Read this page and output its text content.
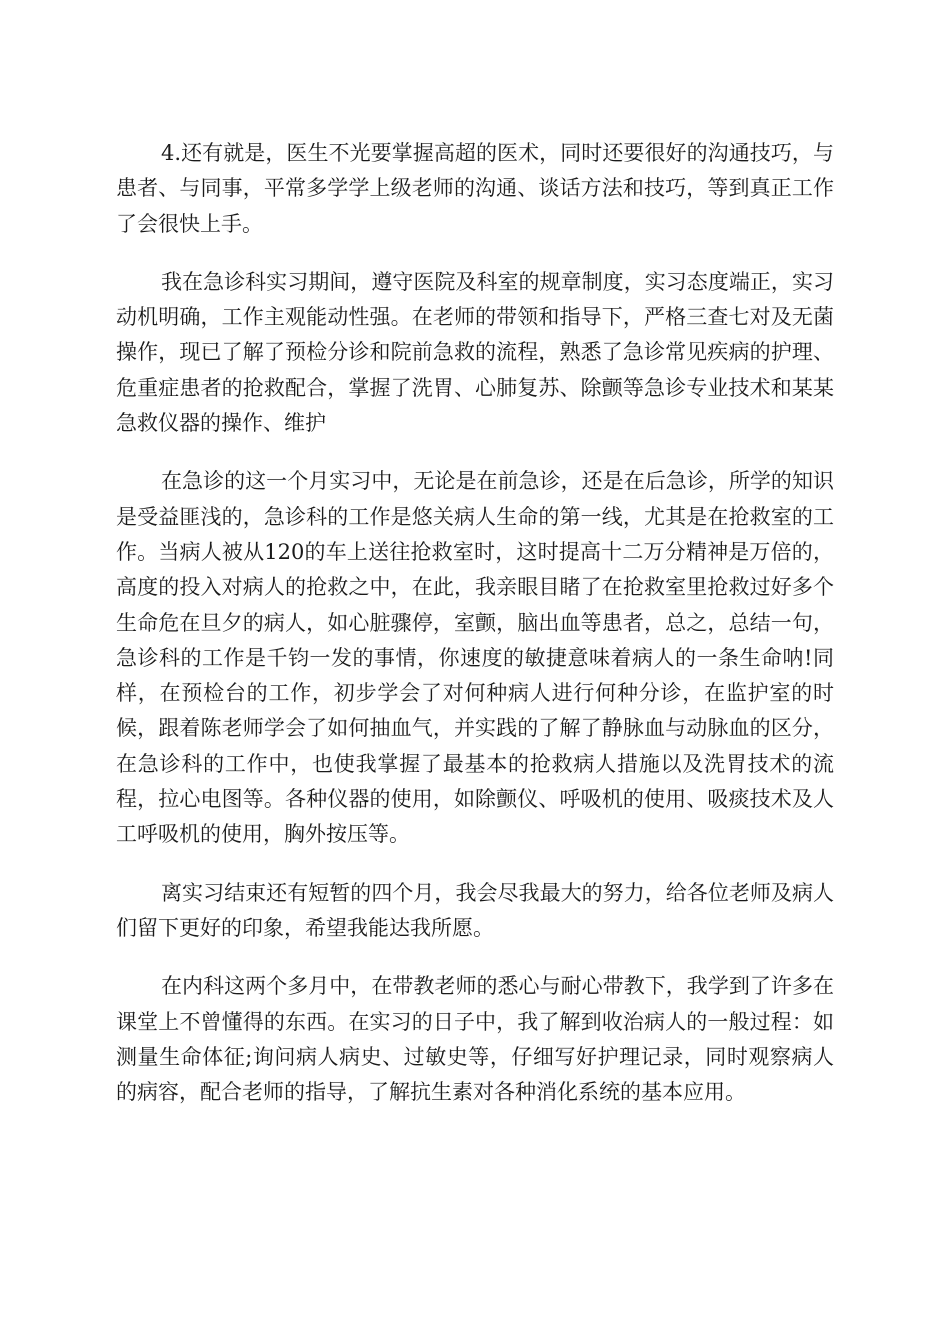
4.还有就是，医生不光要掌握高超的医术，同时还要很好的沟通技巧，与患者、与同事，平常多学学上级老师的沟通、谈话方法和技巧，等到真正工作了会很快上手。

我在急诊科实习期间，遵守医院及科室的规章制度，实习态度端正，实习动机明确，工作主观能动性强。在老师的带领和指导下，严格三查七对及无菌操作，现已了解了预检分诊和院前急救的流程，熟悉了急诊常见疾病的护理、危重症患者的抢救配合，掌握了洗胃、心肺复苏、除颤等急诊专业技术和某某急救仪器的操作、维护

在急诊的这一个月实习中，无论是在前急诊，还是在后急诊，所学的知识是受益匪浅的，急诊科的工作是悠关病人生命的第一线，尤其是在抢救室的工作。当病人被从120的车上送往抢救室时，这时提高十二万分精神是万倍的，高度的投入对病人的抢救之中，在此，我亲眼目睹了在抢救室里抢救过好多个生命危在旦夕的病人，如心脏骤停，室颤，脑出血等患者，总之，总结一句，急诊科的工作是千钧一发的事情，你速度的敏捷意味着病人的一条生命呐!同样，在预检台的工作，初步学会了对何种病人进行何种分诊，在监护室的时候，跟着陈老师学会了如何抽血气，并实践的了解了静脉血与动脉血的区分，在急诊科的工作中，也使我掌握了最基本的抢救病人措施以及洗胃技术的流程，拉心电图等。各种仪器的使用，如除颤仪、呼吸机的使用、吸痰技术及人工呼吸机的使用，胸外按压等。

离实习结束还有短暂的四个月，我会尽我最大的努力，给各位老师及病人们留下更好的印象，希望我能达我所愿。

在内科这两个多月中，在带教老师的悉心与耐心带教下，我学到了许多在课堂上不曾懂得的东西。在实习的日子中，我了解到收治病人的一般过程：如测量生命体征;询问病人病史、过敏史等，仔细写好护理记录，同时观察病人的病容，配合老师的指导，了解抗生素对各种消化系统的基本应用。
